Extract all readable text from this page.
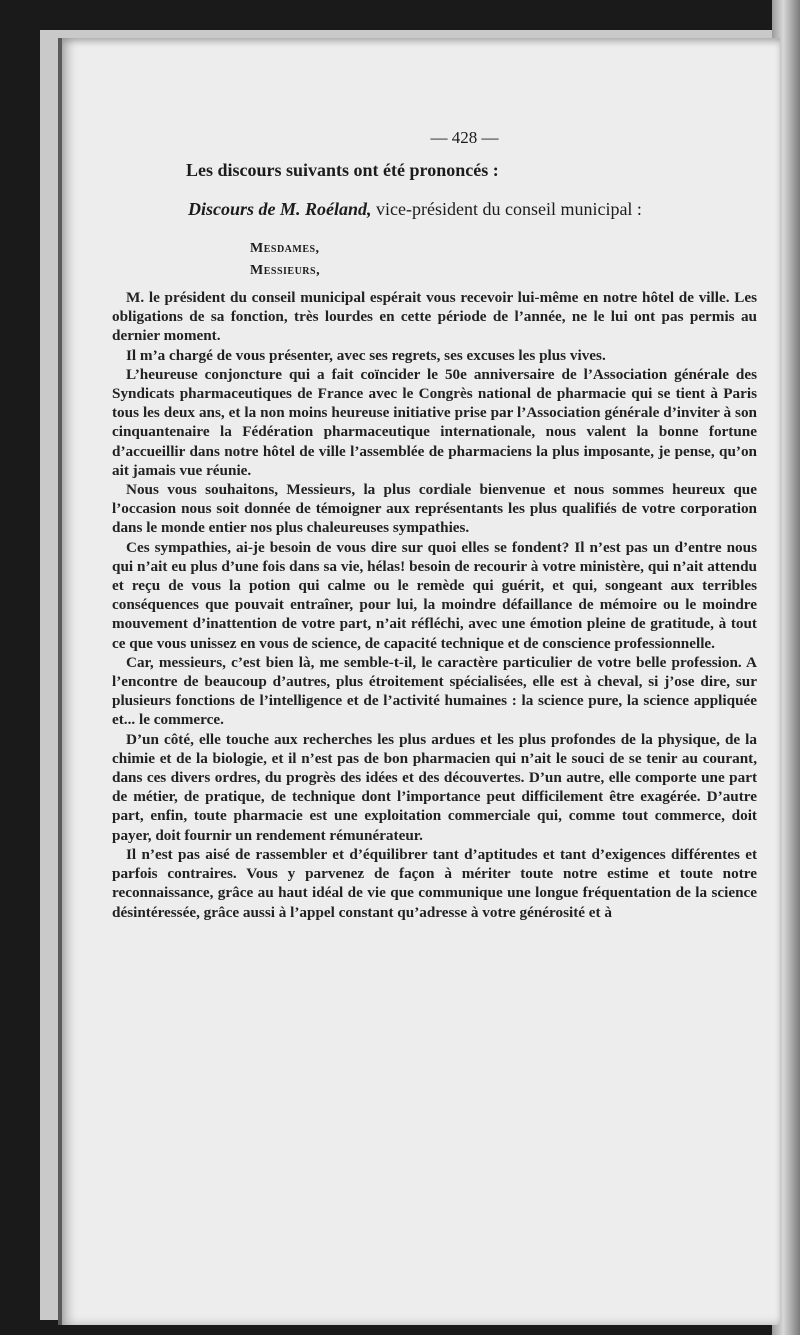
— 428 —
Les discours suivants ont été prononcés :
Discours de M. Roéland, vice-président du conseil municipal :
Mesdames,
Messieurs,

M. le président du conseil municipal espérait vous recevoir lui-même en notre hôtel de ville. Les obligations de sa fonction, très lourdes en cette période de l’année, ne le lui ont pas permis au dernier moment.

Il m’a chargé de vous présenter, avec ses regrets, ses excuses les plus vives.

L’heureuse conjoncture qui a fait coïncider le 50e anniversaire de l’Association générale des Syndicats pharmaceutiques de France avec le Congrès national de pharmacie qui se tient à Paris tous les deux ans, et la non moins heureuse initiative prise par l’Association générale d’inviter à son cinquantenaire la Fédération pharmaceutique internationale, nous valent la bonne fortune d’accueillir dans notre hôtel de ville l’assemblée de pharmaciens la plus imposante, je pense, qu’on ait jamais vue réunie.

Nous vous souhaitons, Messieurs, la plus cordiale bienvenue et nous sommes heureux que l’occasion nous soit donnée de témoigner aux représentants les plus qualifiés de votre corporation dans le monde entier nos plus chaleureuses sympathies.

Ces sympathies, ai-je besoin de vous dire sur quoi elles se fondent? Il n’est pas un d’entre nous qui n’ait eu plus d’une fois dans sa vie, hélas! besoin de recourir à votre ministère, qui n’ait attendu et reçu de vous la potion qui calme ou le remède qui guérit, et qui, songeant aux terribles conséquences que pouvait entraîner, pour lui, la moindre défaillance de mémoire ou le moindre mouvement d’inattention de votre part, n’ait réfléchi, avec une émotion pleine de gratitude, à tout ce que vous unissez en vous de science, de capacité technique et de conscience professionnelle.

Car, messieurs, c’est bien là, me semble-t-il, le caractère particulier de votre belle profession. A l’encontre de beaucoup d’autres, plus étroitement spécialisées, elle est à cheval, si j’ose dire, sur plusieurs fonctions de l’intelligence et de l’activité humaines : la science pure, la science appliquée et... le commerce.

D’un côté, elle touche aux recherches les plus ardues et les plus profondes de la physique, de la chimie et de la biologie, et il n’est pas de bon pharmacien qui n’ait le souci de se tenir au courant, dans ces divers ordres, du progrès des idées et des découvertes. D’un autre, elle comporte une part de métier, de pratique, de technique dont l’importance peut difficilement être exagérée. D’autre part, enfin, toute pharmacie est une exploitation commerciale qui, comme tout commerce, doit payer, doit fournir un rendement rémunérateur.

Il n’est pas aisé de rassembler et d’équilibrer tant d’aptitudes et tant d’exigences différentes et parfois contraires. Vous y parvenez de façon à mériter toute notre estime et toute notre reconnaissance, grâce au haut idéal de vie que communique une longue fréquentation de la science désintéressée, grâce aussi à l’appel constant qu’adresse à votre générosité et à
